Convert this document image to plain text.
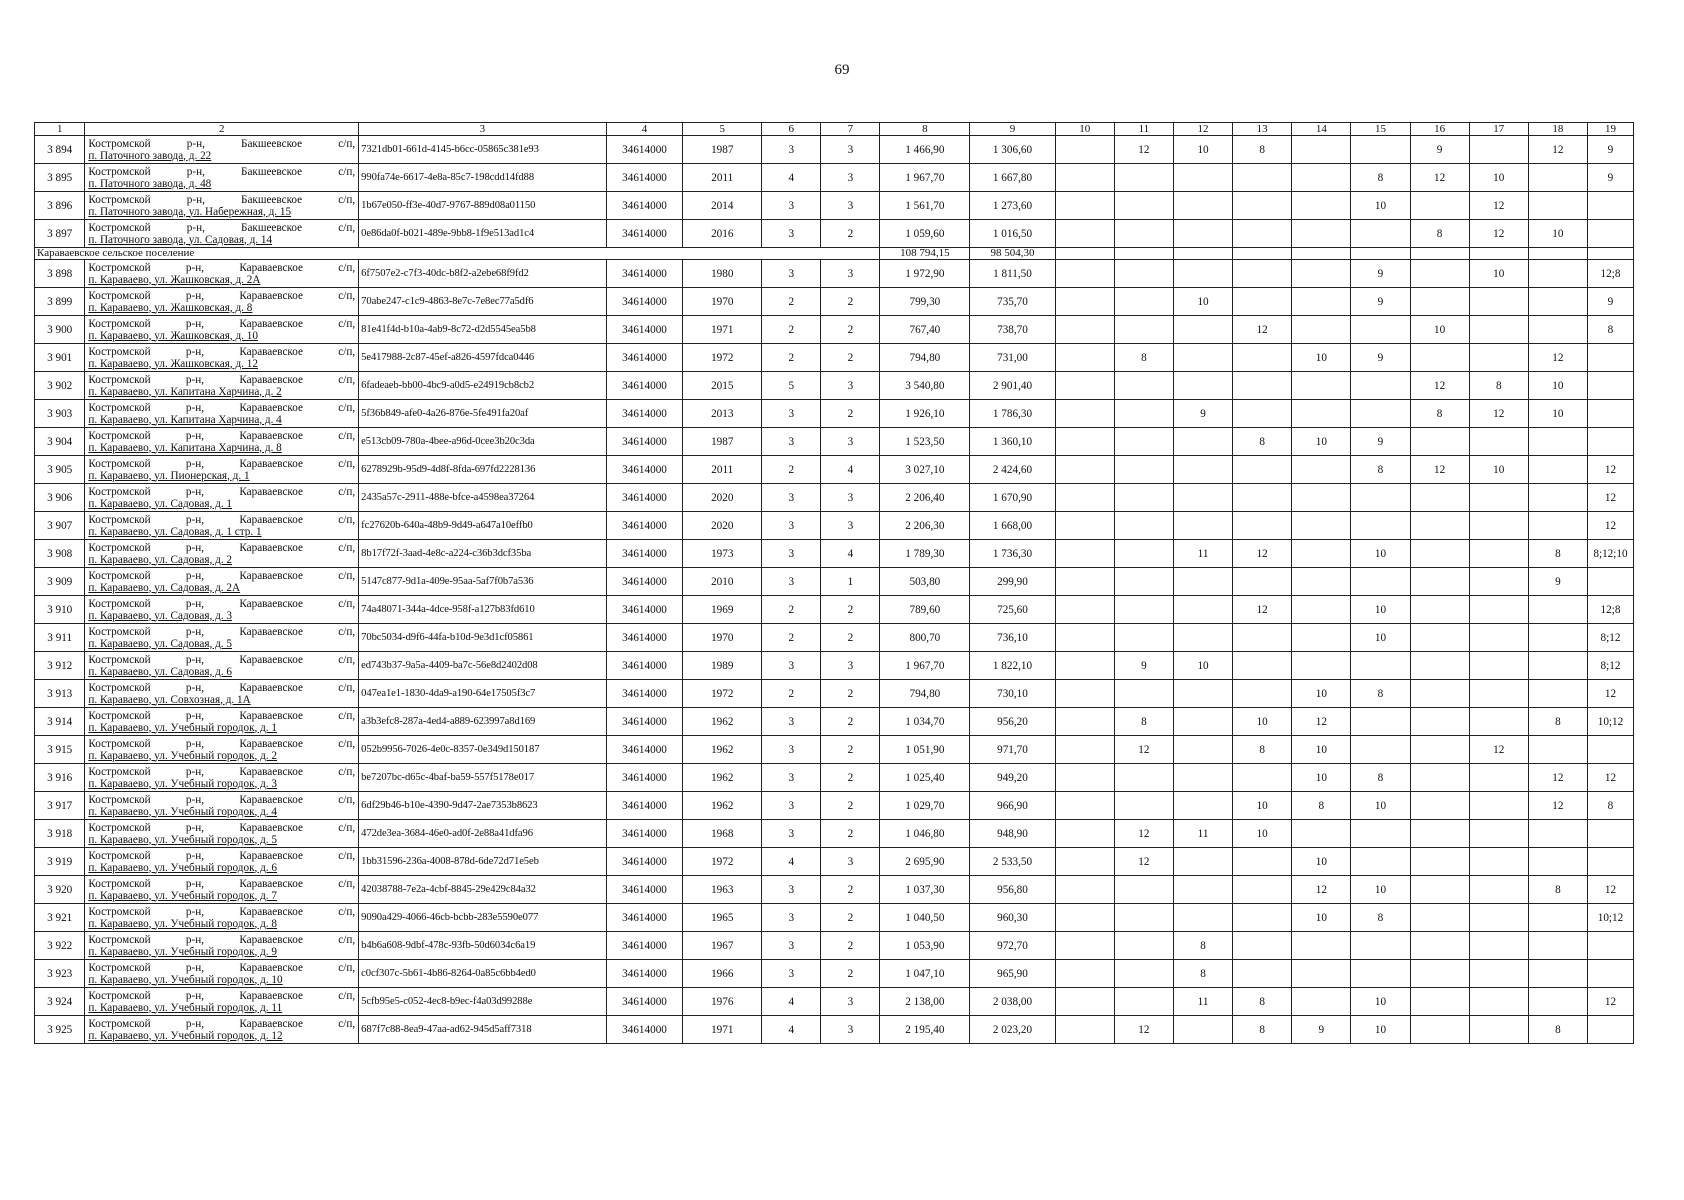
69
1	2	3	4	5	6	7	8	9	10	11	12	13	14	15	16	17	18	19
3 894	Костромской р-н, Бакшеевское с/п,
п. Паточного завода, д. 22	7321db01-661d-4145-b6cc-05865c381e93	34614000	1987	3	3	1 466,90	1 306,60		12	10	8			9		12	9
3 895	Костромской р-н, Бакшеевское с/п,
п. Паточного завода, д. 48	990fa74e-6617-4e8a-85c7-198cdd14fd88	34614000	2011	4	3	1 967,70	1 667,80						8	12	10		9
3 896	Костромской р-н, Бакшеевское с/п,
п. Паточного завода, ул. Набережная, д. 15	1b67e050-ff3e-40d7-9767-889d08a01150	34614000	2014	3	3	1 561,70	1 273,60						10		12		
3 897	Костромской р-н, Бакшеевское с/п,
п. Паточного завода, ул. Садовая, д. 14	0e86da0f-b021-489e-9bb8-1f9e513ad1c4	34614000	2016	3	2	1 059,60	1 016,50							8	12	10	
Караваевское сельское поселение							108 794,15	98 504,30										
3 898	Костромской р-н, Караваевское с/п,
п. Караваево, ул. Жашковская, д. 2А	6f7507e2-c7f3-40dc-b8f2-a2ebe68f9fd2	34614000	1980	3	3	1 972,90	1 811,50						9		10		12;8
3 899	Костромской р-н, Караваевское с/п,
п. Караваево, ул. Жашковская, д. 8	70abe247-c1c9-4863-8e7c-7e8ec77a5df6	34614000	1970	2	2	799,30	735,70			10			9				9
3 900	Костромской р-н, Караваевское с/п,
п. Караваево, ул. Жашковская, д. 10	81e41f4d-b10a-4ab9-8c72-d2d5545ea5b8	34614000	1971	2	2	767,40	738,70				12			10			8
3 901	Костромской р-н, Караваевское с/п,
п. Караваево, ул. Жашковская, д. 12	5e417988-2c87-45ef-a826-4597fdca0446	34614000	1972	2	2	794,80	731,00		8			10	9			12	
3 902	Костромской р-н, Караваевское с/п,
п. Караваево, ул. Капитана Харчина, д. 2	6fadeaeb-bb00-4bc9-a0d5-e24919cb8cb2	34614000	2015	5	3	3 540,80	2 901,40							12	8	10	
3 903	Костромской р-н, Караваевское с/п,
п. Караваево, ул. Капитана Харчина, д. 4	5f36b849-afe0-4a26-876e-5fe491fa20af	34614000	2013	3	2	1 926,10	1 786,30			9				8	12	10	
3 904	Костромской р-н, Караваевское с/п,
п. Караваево, ул. Капитана Харчина, д. 8	e513cb09-780a-4bee-a96d-0cee3b20c3da	34614000	1987	3	3	1 523,50	1 360,10				8	10	9				
3 905	Костромской р-н, Караваевское с/п,
п. Караваево, ул. Пионерская, д. 1	6278929b-95d9-4d8f-8fda-697fd2228136	34614000	2011	2	4	3 027,10	2 424,60						8	12	10		12
3 906	Костромской р-н, Караваевское с/п,
п. Караваево, ул. Садовая, д. 1	2435a57c-2911-488e-bfce-a4598ea37264	34614000	2020	3	3	2 206,40	1 670,90										12
3 907	Костромской р-н, Караваевское с/п,
п. Караваево, ул. Садовая, д. 1 стр. 1	fc27620b-640a-48b9-9d49-a647a10effb0	34614000	2020	3	3	2 206,30	1 668,00										12
3 908	Костромской р-н, Караваевское с/п,
п. Караваево, ул. Садовая, д. 2	8b17f72f-3aad-4e8c-a224-c36b3dcf35ba	34614000	1973	3	4	1 789,30	1 736,30			11	12		10			8	8;12;10
3 909	Костромской р-н, Караваевское с/п,
п. Караваево, ул. Садовая, д. 2А	5147c877-9d1a-409e-95aa-5af7f0b7a536	34614000	2010	3	1	503,80	299,90									9	
3 910	Костромской р-н, Караваевское с/п,
п. Караваево, ул. Садовая, д. 3	74a48071-344a-4dce-958f-a127b83fd610	34614000	1969	2	2	789,60	725,60				12		10				12;8
3 911	Костромской р-н, Караваевское с/п,
п. Караваево, ул. Садовая, д. 5	70bc5034-d9f6-44fa-b10d-9e3d1cf05861	34614000	1970	2	2	800,70	736,10						10				8;12
3 912	Костромской р-н, Караваевское с/п,
п. Караваево, ул. Садовая, д. 6	ed743b37-9a5a-4409-ba7c-56e8d2402d08	34614000	1989	3	3	1 967,70	1 822,10		9	10							8;12
3 913	Костромской р-н, Караваевское с/п,
п. Караваево, ул. Совхозная, д. 1А	047ea1e1-1830-4da9-a190-64e17505f3c7	34614000	1972	2	2	794,80	730,10					10	8				12
3 914	Костромской р-н, Караваевское с/п,
п. Караваево, ул. Учебный городок, д. 1	a3b3efc8-287a-4ed4-a889-623997a8d169	34614000	1962	3	2	1 034,70	956,20		8		10	12				8	10;12
3 915	Костромской р-н, Караваевское с/п,
п. Караваево, ул. Учебный городок, д. 2	052b9956-7026-4e0c-8357-0e349d150187	34614000	1962	3	2	1 051,90	971,70		12		8	10			12		
3 916	Костромской р-н, Караваевское с/п,
п. Караваево, ул. Учебный городок, д. 3	be7207bc-d65c-4baf-ba59-557f5178e017	34614000	1962	3	2	1 025,40	949,20					10	8			12	12
3 917	Костромской р-н, Караваевское с/п,
п. Караваево, ул. Учебный городок, д. 4	6df29b46-b10e-4390-9d47-2ae7353b8623	34614000	1962	3	2	1 029,70	966,90				10	8	10			12	8
3 918	Костромской р-н, Караваевское с/п,
п. Караваево, ул. Учебный городок, д. 5	472de3ea-3684-46e0-ad0f-2e88a41dfa96	34614000	1968	3	2	1 046,80	948,90		12	11	10						
3 919	Костромской р-н, Караваевское с/п,
п. Караваево, ул. Учебный городок, д. 6	1bb31596-236a-4008-878d-6de72d71e5eb	34614000	1972	4	3	2 695,90	2 533,50		12			10					
3 920	Костромской р-н, Караваевское с/п,
п. Караваево, ул. Учебный городок, д. 7	42038788-7e2a-4cbf-8845-29e429c84a32	34614000	1963	3	2	1 037,30	956,80					12	10			8	12
3 921	Костромской р-н, Караваевское с/п,
п. Караваево, ул. Учебный городок, д. 8	9090a429-4066-46cb-bcbb-283e5590e077	34614000	1965	3	2	1 040,50	960,30					10	8				10;12
3 922	Костромской р-н, Караваевское с/п,
п. Караваево, ул. Учебный городок, д. 9	b4b6a608-9dbf-478c-93fb-50d6034c6a19	34614000	1967	3	2	1 053,90	972,70			8							
3 923	Костромской р-н, Караваевское с/п,
п. Караваево, ул. Учебный городок, д. 10	c0cf307c-5b61-4b86-8264-0a85c6bb4ed0	34614000	1966	3	2	1 047,10	965,90			8							
3 924	Костромской р-н, Караваевское с/п,
п. Караваево, ул. Учебный городок, д. 11	5cfb95e5-c052-4ec8-b9ec-f4a03d99288e	34614000	1976	4	3	2 138,00	2 038,00			11	8		10				12
3 925	Костромской р-н, Караваевское с/п,
п. Караваево, ул. Учебный городок, д. 12	687f7c88-8ea9-47aa-ad62-945d5aff7318	34614000	1971	4	3	2 195,40	2 023,20		12		8	9	10			8	
